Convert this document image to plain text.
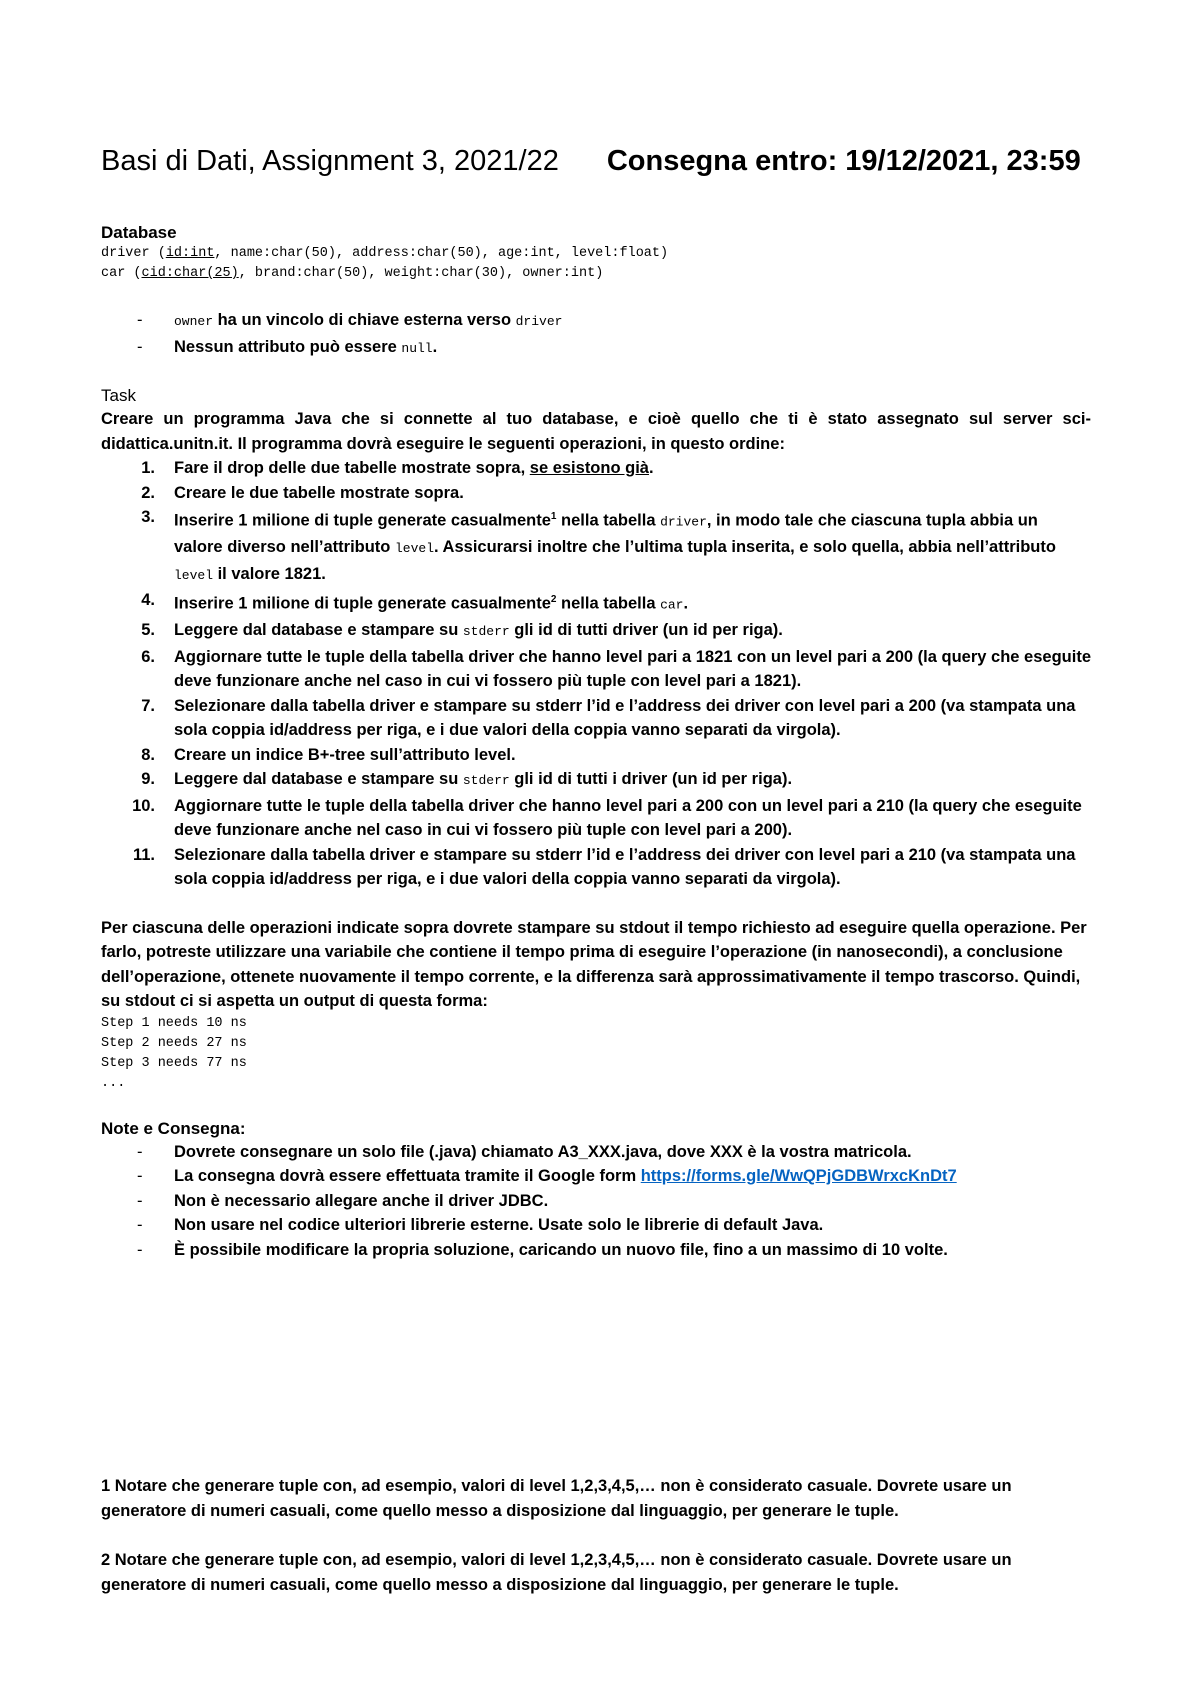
Basi di Dati, Assignment 3, 2021/22 Consegna entro: 19/12/2021, 23:59
Database
driver (id:int, name:char(50), address:char(50), age:int, level:float)
car (cid:char(25), brand:char(50), weight:char(30), owner:int)
- owner ha un vincolo di chiave esterna verso driver
- Nessun attributo può essere null.
Task
Creare un programma Java che si connette al tuo database, e cioè quello che ti è stato assegnato sul server sci-didattica.unitn.it. Il programma dovrà eseguire le seguenti operazioni, in questo ordine:
1. Fare il drop delle due tabelle mostrate sopra, se esistono già.
2. Creare le due tabelle mostrate sopra.
3. Inserire 1 milione di tuple generate casualmente$^1$ nella tabella driver, in modo tale che ciascuna tupla abbia un valore diverso nell’attributo level. Assicurarsi inoltre che l’ultima tupla inserita, e solo quella, abbia nell’attributo level il valore 1821.
4. Inserire 1 milione di tuple generate casualmente$^2$ nella tabella car.
5. Leggere dal database e stampare su stderr gli id di tutti driver (un id per riga).
6. Aggiornare tutte le tuple della tabella driver che hanno level pari a 1821 con un level pari a 200 (la query che eseguite deve funzionare anche nel caso in cui vi fossero più tuple con level pari a 1821).
7. Selezionare dalla tabella driver e stampare su stderr l’id e l’address dei driver con level pari a 200 (va stampata una sola coppia id/address per riga, e i due valori della coppia vanno separati da virgola).
8. Creare un indice B+-tree sull’attributo level.
9. Leggere dal database e stampare su stderr gli id di tutti i driver (un id per riga).
10. Aggiornare tutte le tuple della tabella driver che hanno level pari a 200 con un level pari a 210 (la query che eseguite deve funzionare anche nel caso in cui vi fossero più tuple con level pari a 200).
11. Selezionare dalla tabella driver e stampare su stderr l’id e l’address dei driver con level pari a 210 (va stampata una sola coppia id/address per riga, e i due valori della coppia vanno separati da virgola).
Per ciascuna delle operazioni indicate sopra dovrete stampare su stdout il tempo richiesto ad eseguire quella operazione. Per farlo, potreste utilizzare una variabile che contiene il tempo prima di eseguire l’operazione (in nanosecondi), a conclusione dell’operazione, ottenete nuovamente il tempo corrente, e la differenza sarà approssimativamente il tempo trascorso. Quindi, su stdout ci si aspetta un output di questa forma:
Step 1 needs 10 ns
Step 2 needs 27 ns
Step 3 needs 77 ns
...
Note e Consegna:
- Dovrete consegnare un solo file (.java) chiamato A3_XXX.java, dove XXX è la vostra matricola.
- La consegna dovrà essere effettuata tramite il Google form https://forms.gle/WwQPjGDBWrxcKnDt7
- Non è necessario allegare anche il driver JDBC.
- Non usare nel codice ulteriori librerie esterne. Usate solo le librerie di default Java.
- È possibile modificare la propria soluzione, caricando un nuovo file, fino a un massimo di 10 volte.
1 Notare che generare tuple con, ad esempio, valori di level 1,2,3,4,5,… non è considerato casuale. Dovrete usare un generatore di numeri casuali, come quello messo a disposizione dal linguaggio, per generare le tuple.
2 Notare che generare tuple con, ad esempio, valori di level 1,2,3,4,5,… non è considerato casuale. Dovrete usare un generatore di numeri casuali, come quello messo a disposizione dal linguaggio, per generare le tuple.
